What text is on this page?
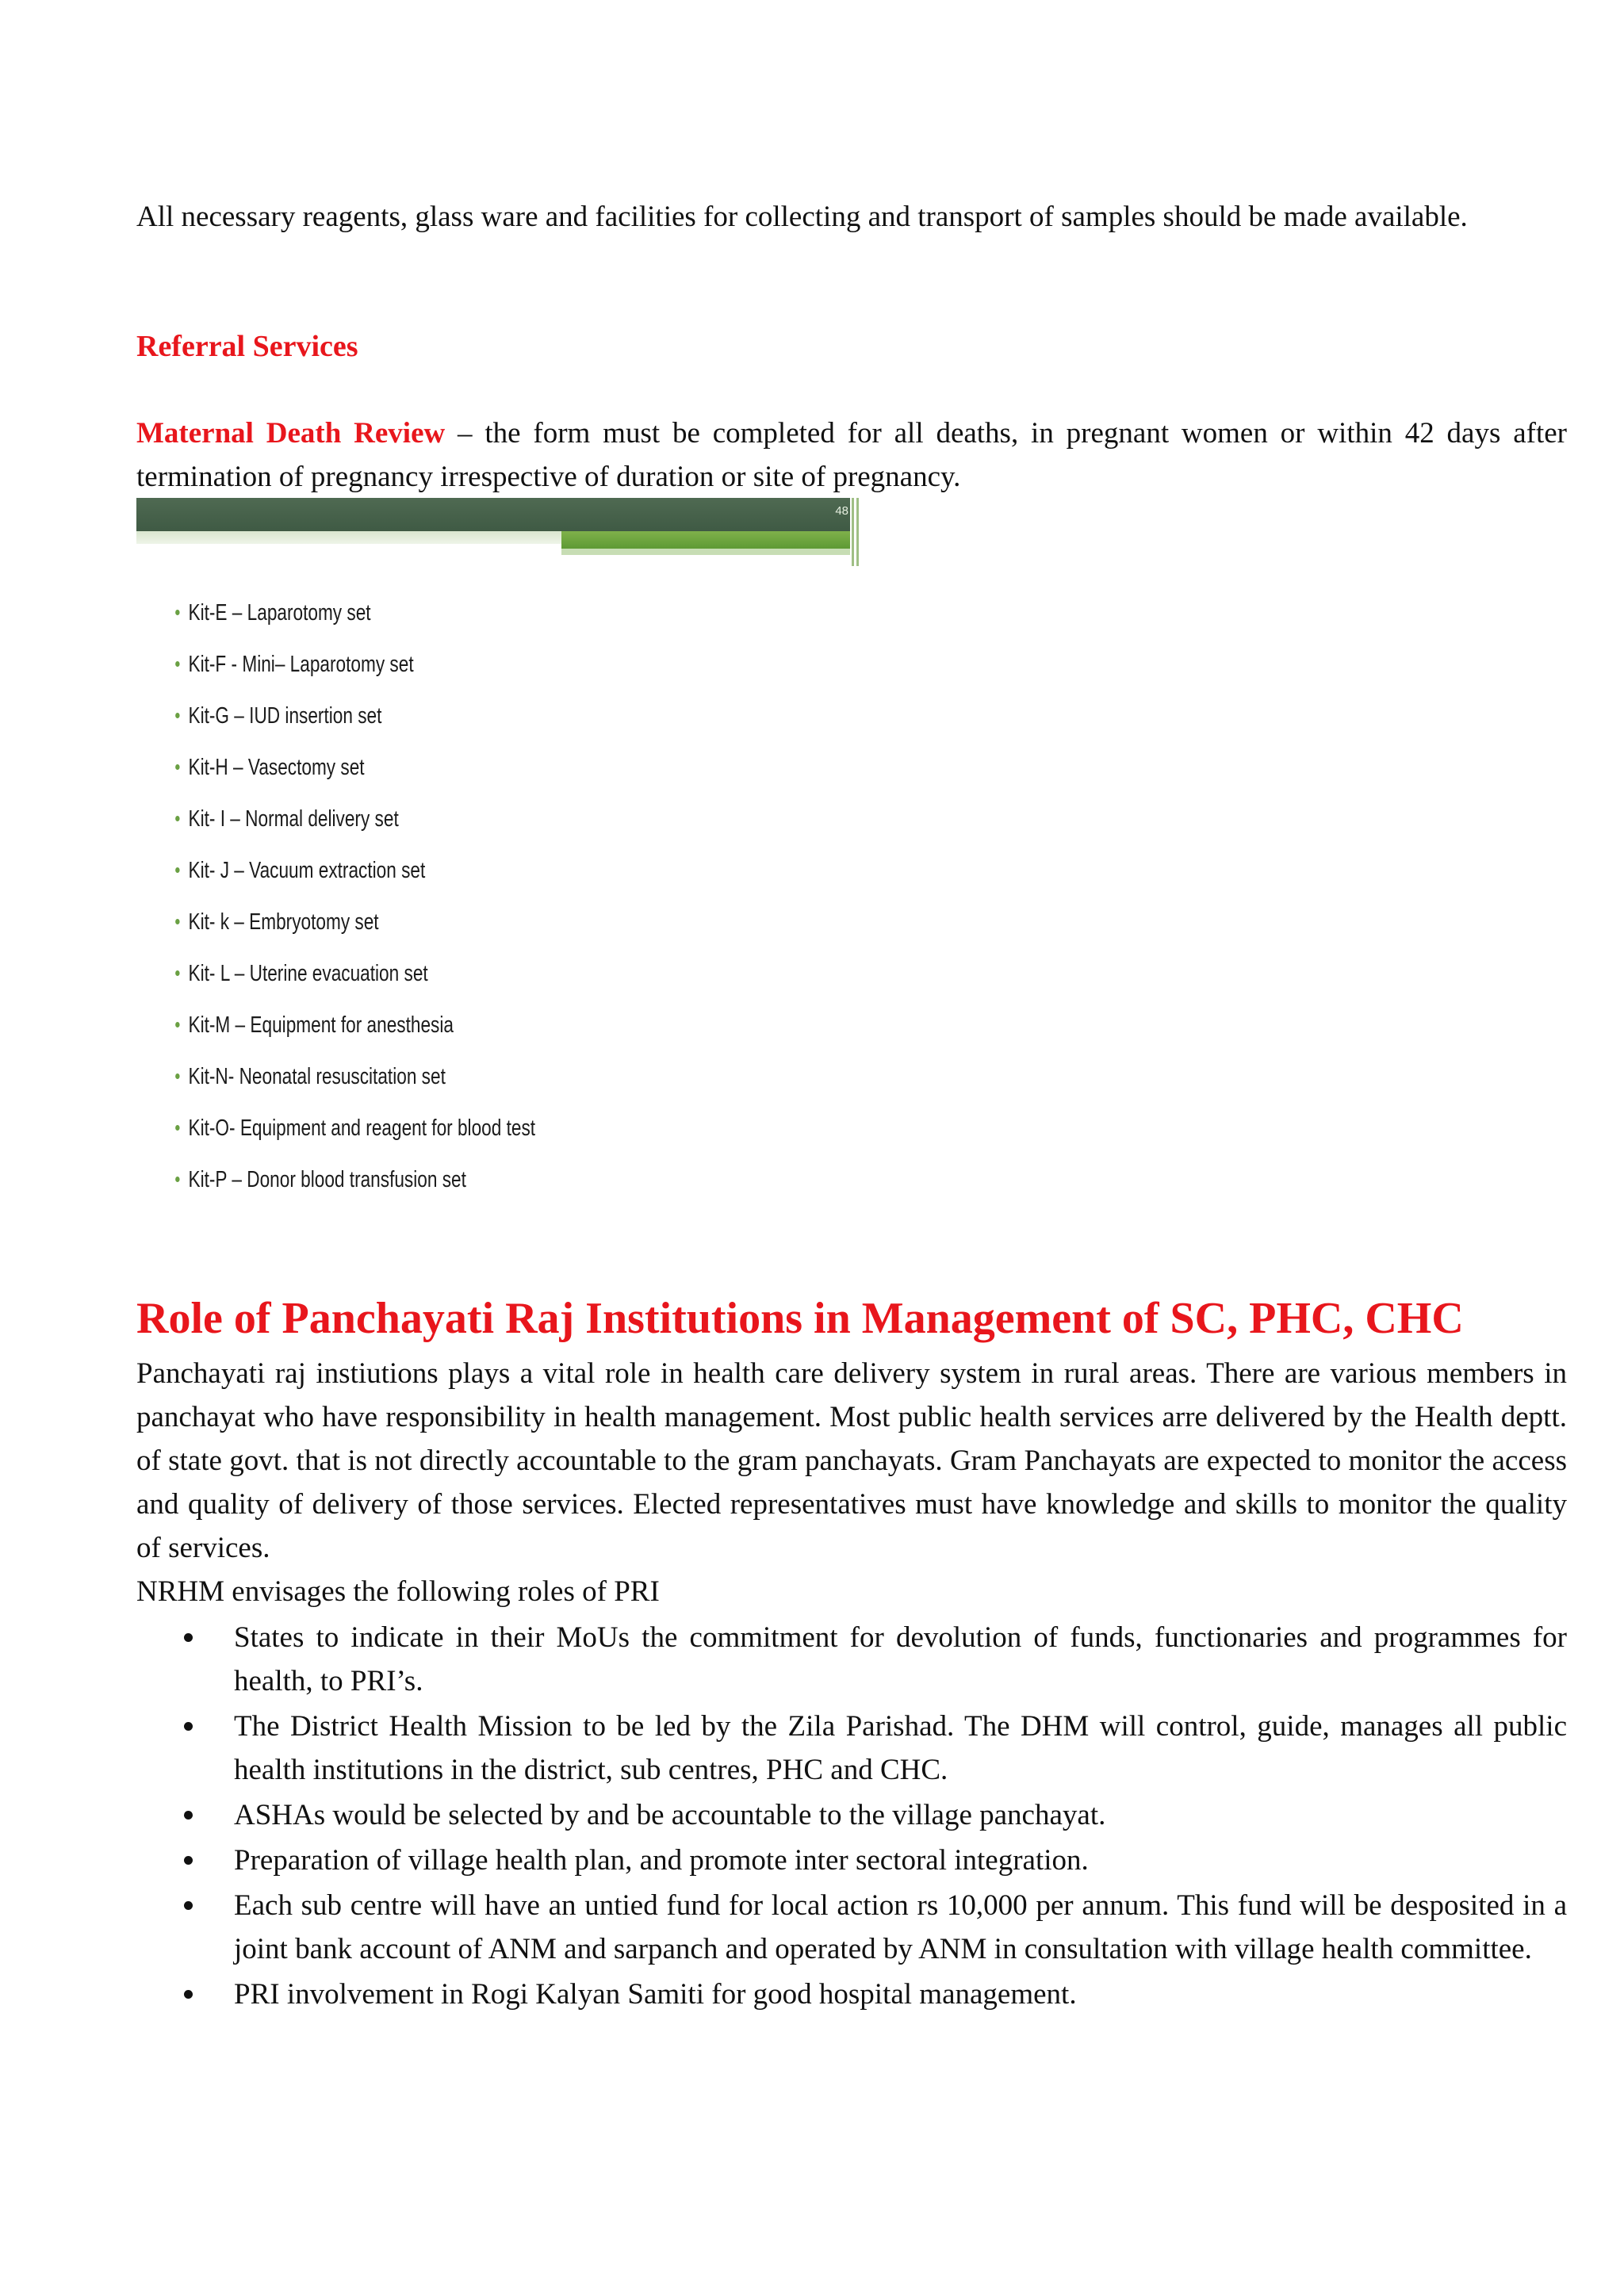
All necessary reagents, glass ware and facilities for collecting and transport of samples should be made available.

Referral Services

Maternal Death Review – the form must be completed for all deaths, in pregnant women or within 42 days after termination of pregnancy irrespective of duration or site of pregnancy.

Role of Panchayati Raj Institutions in Management of SC, PHC, CHC

Panchayati raj instiutions plays a vital role in health care delivery system in rural areas. There are various members in panchayat who have responsibility in health management. Most public health services arre delivered by the Health deptt. of state govt. that is not directly accountable to the gram panchayats. Gram Panchayats are expected to monitor the access and quality of delivery of those services. Elected representatives must have knowledge and skills to monitor the quality of services.

NRHM envisages the following roles of PRI

States to indicate in their MoUs the commitment for devolution of funds, functionaries and programmes for health, to PRI’s.
The District Health Mission to be led by the Zila Parishad. The DHM will control, guide, manages all public health institutions in the district, sub centres, PHC and CHC.
ASHAs would be selected by and be accountable to the village panchayat.
Preparation of village health plan, and promote inter sectoral integration.
Each sub centre will have an untied fund for local action rs 10,000 per annum. This fund will be desposited in a joint bank account of ANM and sarpanch and operated by ANM in consultation with village health committee.
PRI involvement in Rogi Kalyan Samiti for good hospital management.
48
Kit-E – Laparotomy set
Kit-F - Mini– Laparotomy set
Kit-G – IUD insertion set
Kit-H – Vasectomy set
Kit- I – Normal delivery set
Kit- J – Vacuum extraction set
Kit- k – Embryotomy set
Kit- L – Uterine evacuation set
Kit-M – Equipment for anesthesia
Kit-N- Neonatal resuscitation set
Kit-O- Equipment and reagent for blood test
Kit-P – Donor blood transfusion set
